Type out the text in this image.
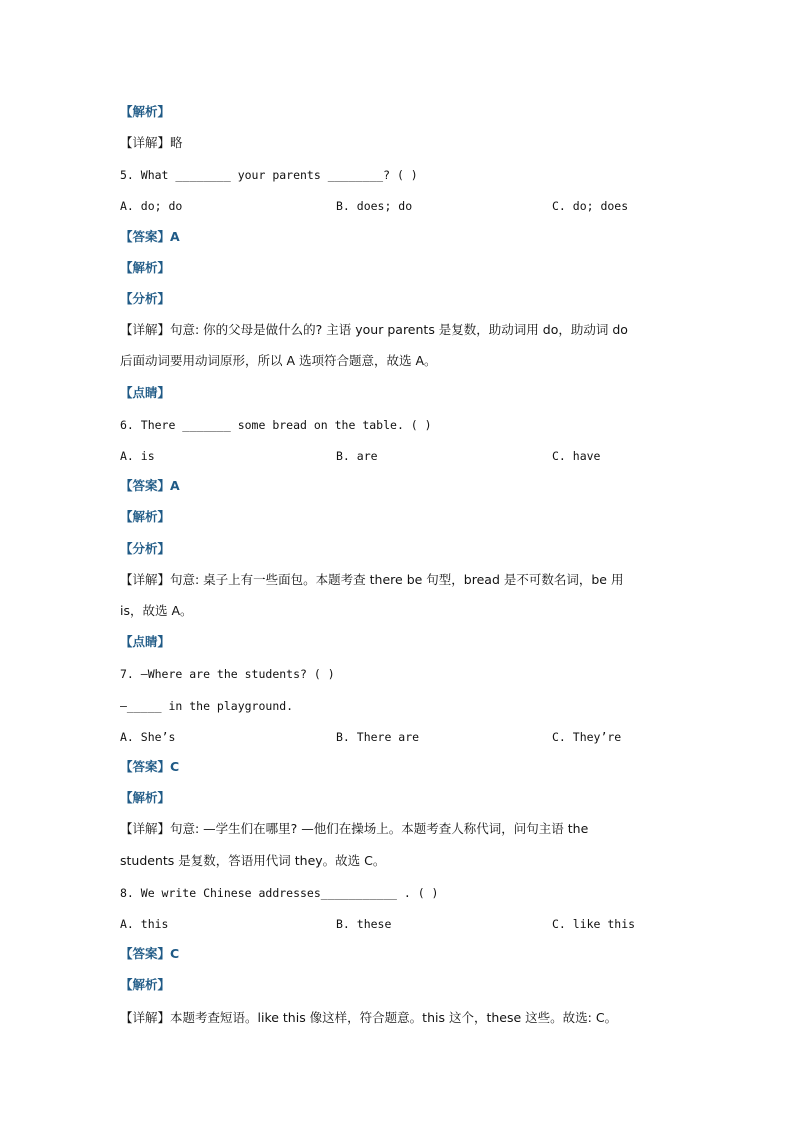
【解析】
【详解】略
5. What ________ your parents ________? ( )
A. do; do	B. does; do	C. do; does
【答案】A
【解析】
【分析】
【详解】句意: 你的父母是做什么的? 主语 your parents 是复数，助动词用 do，助动词 do
后面动词要用动词原形，所以 A 选项符合题意，故选 A。
【点睛】
6. There _______ some bread on the table. ( )
A. is	B. are	C. have
【答案】A
【解析】
【分析】
【详解】句意: 桌子上有一些面包。本题考查 there be 句型，bread 是不可数名词，be 用
is，故选 A。
【点睛】
7. —Where are the students? ( )
—_____ in the playground.
A. She’s	B. There are	C. They’re
【答案】C
【解析】
【详解】句意: —学生们在哪里? —他们在操场上。本题考查人称代词，问句主语 the
students 是复数，答语用代词 they。故选 C。
8. We write Chinese addresses___________ . ( )
A. this	B. these	C. like this
【答案】C
【解析】
【详解】本题考查短语。like this 像这样，符合题意。this 这个，these 这些。故选: C。
